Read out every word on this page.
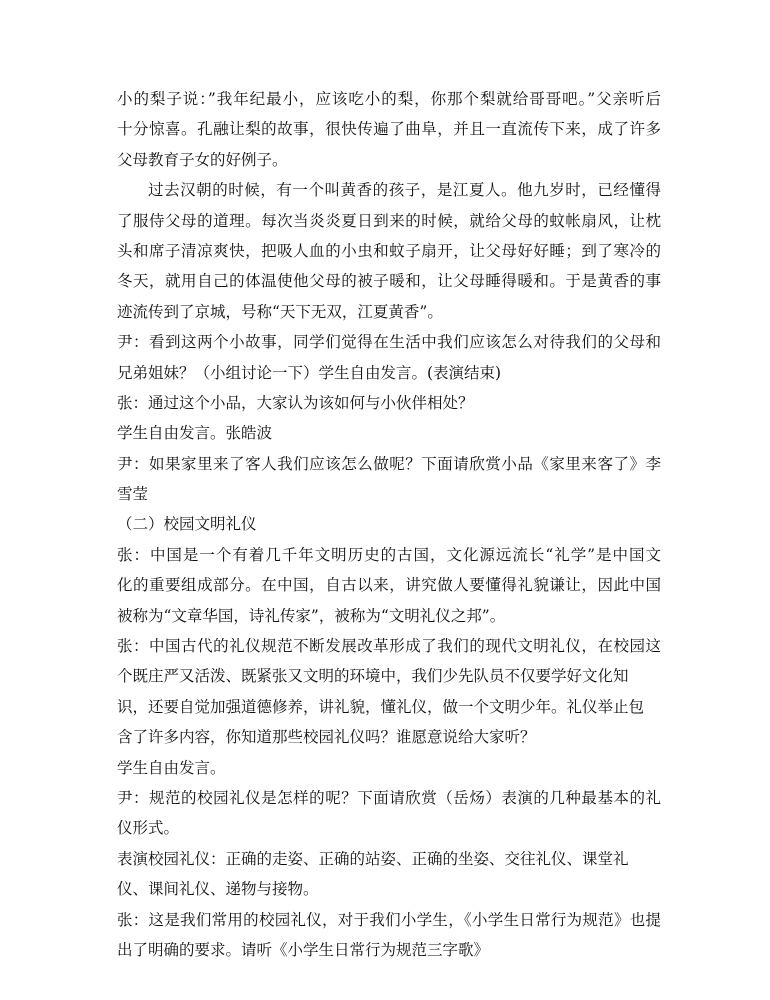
小的梨子说：”我年纪最小，应该吃小的梨，你那个梨就给哥哥吧。”父亲听后
十分惊喜。孔融让梨的故事，很快传遍了曲阜，并且一直流传下来，成了许多
父母教育子女的好例子。
过去汉朝的时候，有一个叫黄香的孩子，是江夏人。他九岁时，已经懂得
了服侍父母的道理。每次当炎炎夏日到来的时候，就给父母的蚊帐扇风，让枕
头和席子清凉爽快，把吸人血的小虫和蚊子扇开，让父母好好睡；到了寒冷的
冬天，就用自己的体温使他父母的被子暖和，让父母睡得暖和。于是黄香的事
迹流传到了京城，号称“天下无双，江夏黄香”。
尹：看到这两个小故事，同学们觉得在生活中我们应该怎么对待我们的父母和
兄弟姐妹？（小组讨论一下）学生自由发言。(表演结束)
张：通过这个小品，大家认为该如何与小伙伴相处？
学生自由发言。张皓波
尹：如果家里来了客人我们应该怎么做呢？下面请欣赏小品《家里来客了》李
雪莹
（二）校园文明礼仪
张：中国是一个有着几千年文明历史的古国，文化源远流长“礼学”是中国文
化的重要组成部分。在中国，自古以来，讲究做人要懂得礼貌谦让，因此中国
被称为“文章华国，诗礼传家”，被称为“文明礼仪之邦”。
张：中国古代的礼仪规范不断发展改革形成了我们的现代文明礼仪，在校园这
个既庄严又活泼、既紧张又文明的环境中，我们少先队员不仅要学好文化知
识，还要自觉加强道德修养，讲礼貌，懂礼仪，做一个文明少年。礼仪举止包
含了许多内容，你知道那些校园礼仪吗？谁愿意说给大家听？
学生自由发言。
尹：规范的校园礼仪是怎样的呢？下面请欣赏（岳炀）表演的几种最基本的礼
仪形式。
表演校园礼仪：正确的走姿、正确的站姿、正确的坐姿、交往礼仪、课堂礼
仪、课间礼仪、递物与接物。
张：这是我们常用的校园礼仪，对于我们小学生，《小学生日常行为规范》也提
出了明确的要求。请听《小学生日常行为规范三字歌》
